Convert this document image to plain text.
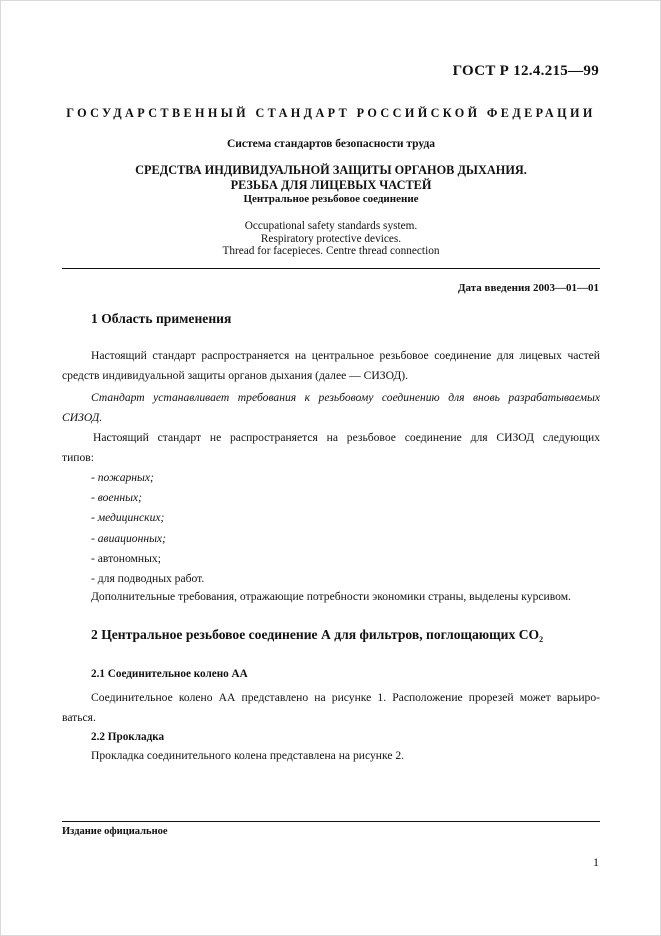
ГОСТ Р 12.4.215—99
ГОСУДАРСТВЕННЫЙ СТАНДАРТ РОССИЙСКОЙ ФЕДЕРАЦИИ
Система стандартов безопасности труда
СРЕДСТВА ИНДИВИДУАЛЬНОЙ ЗАЩИТЫ ОРГАНОВ ДЫХАНИЯ.
РЕЗЬБА ДЛЯ ЛИЦЕВЫХ ЧАСТЕЙ
Центральное резьбовое соединение
Occupational safety standards system.
Respiratory protective devices.
Thread for facepieces. Centre thread connection
Дата введения 2003—01—01
1 Область применения
Настоящий стандарт распространяется на центральное резьбовое соединение для лицевых частей
средств индивидуальной защиты органов дыхания (далее — СИЗОД).
Стандарт устанавливает требования к резьбовому соединению для вновь разрабатываемых
СИЗОД.
Настоящий стандарт не распространяется на резьбовое соединение для СИЗОД следующих
типов:
- пожарных;
- военных;
- медицинских;
- авиационных;
- автономных;
- для подводных работ.
Дополнительные требования, отражающие потребности экономики страны, выделены курсивом.
2 Центральное резьбовое соединение А для фильтров, поглощающих $CO_2$
2.1 Соединительное колено АА
Соединительное колено АА представлено на рисунке 1. Расположение прорезей может варьиро-
ваться.
2.2 Прокладка
Прокладка соединительного колена представлена на рисунке 2.
Издание официальное
1
